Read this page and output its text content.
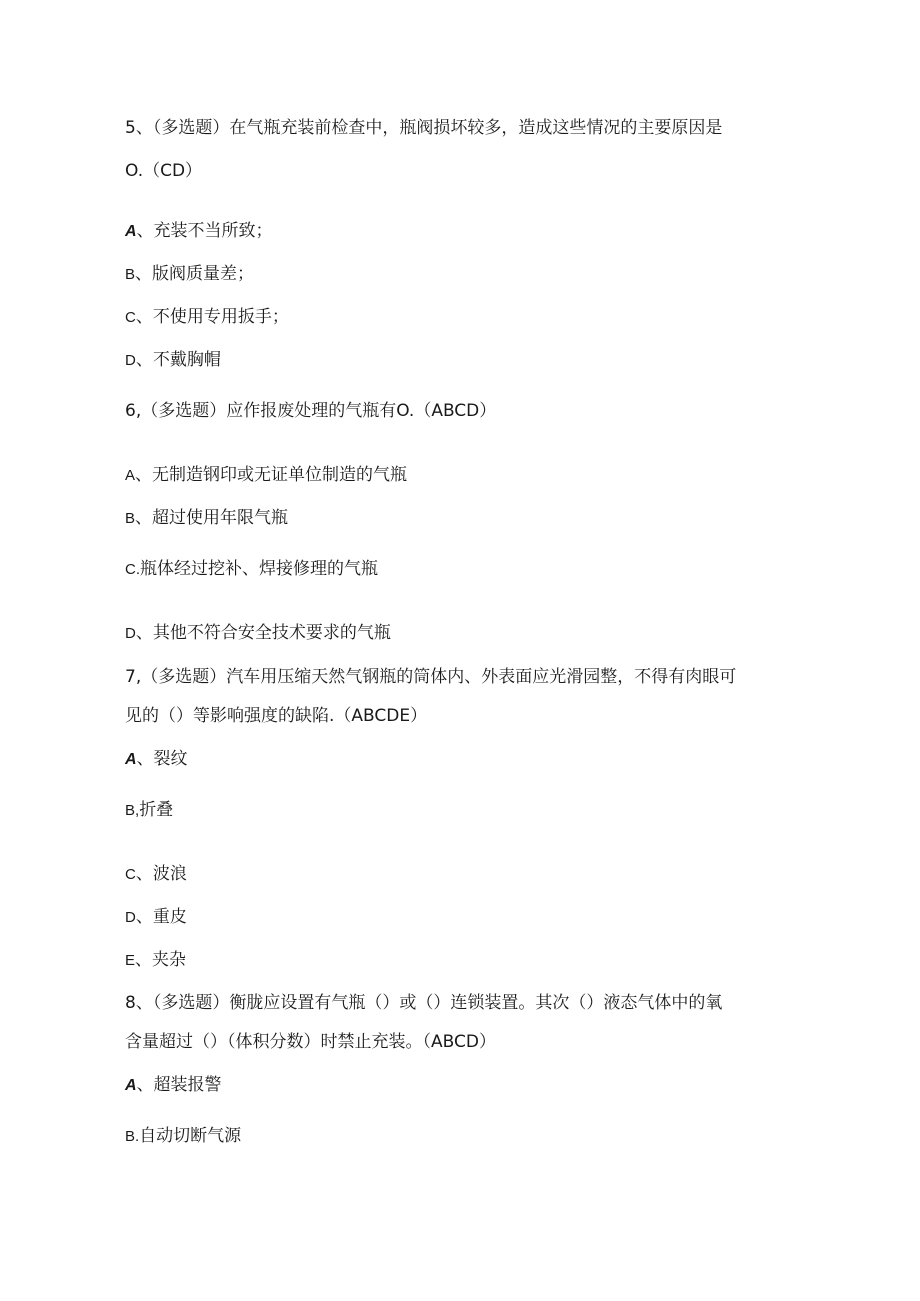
5、（多选题）在气瓶充装前检查中，瓶阀损坏较多，造成这些情况的主要原因是
O.（CD）
A、充装不当所致；
B、版阀质量差；
C、不使用专用扳手；
D、不戴胸帽
6,（多选题）应作报废处理的气瓶有O.（ABCD）
A、无制造钢印或无证单位制造的气瓶
B、超过使用年限气瓶
C.瓶体经过挖补、焊接修理的气瓶
D、其他不符合安全技术要求的气瓶
7,（多选题）汽车用压缩天然气钢瓶的筒体内、外表面应光滑园整，不得有肉眼可
见的（）等影响强度的缺陷.（ABCDE）
A、裂纹
B,折叠
C、波浪
D、重皮
E、夹杂
8、（多选题）衡胧应设置有气瓶（）或（）连锁装置。其次（）液态气体中的氧
含量超过（）（体积分数）时禁止充装。（ABCD）
A、超装报警
B.自动切断气源
